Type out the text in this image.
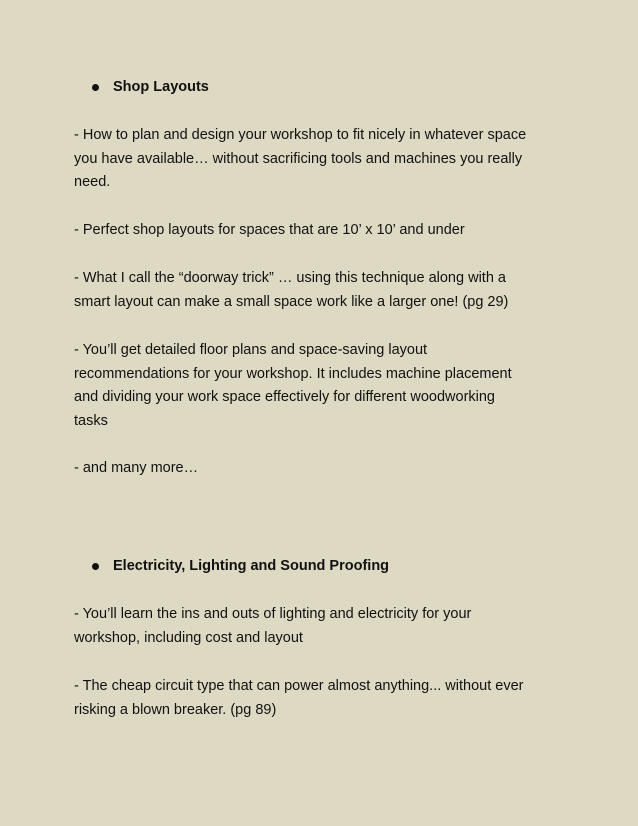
Shop Layouts
- How to plan and design your workshop to fit nicely in whatever space
you have available… without sacrificing tools and machines you really
need.
- Perfect shop layouts for spaces that are 10’ x 10’ and under
- What I call the “doorway trick” … using this technique along with a
smart layout can make a small space work like a larger one! (pg 29)
- You’ll get detailed floor plans and space-saving layout
recommendations for your workshop. It includes machine placement
and dividing your work space effectively for different woodworking
tasks
- and many more…
Electricity, Lighting and Sound Proofing
- You’ll learn the ins and outs of lighting and electricity for your
workshop, including cost and layout
- The cheap circuit type that can power almost anything... without ever
risking a blown breaker. (pg 89)
